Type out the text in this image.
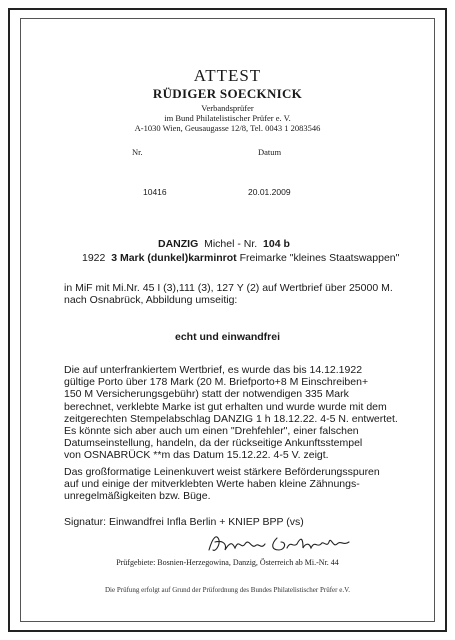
ATTEST
RÜDIGER SOECKNICK
Verbandsprüfer
im Bund Philatelistischer Prüfer e. V.
A-1030 Wien, Geusaugasse 12/8, Tel. 0043 1 2083546
Nr.	Datum
10416	20.01.2009
DANZIG Michel - Nr. 104 b
1922 3 Mark (dunkel)karminrot Freimarke "kleines Staatswappen"
in MiF mit Mi.Nr. 45 I (3),111 (3), 127 Y (2) auf Wertbrief über 25000 M.
nach Osnabrück, Abbildung umseitig:
echt und einwandfrei
Die auf unterfrankiertem Wertbrief, es wurde das bis 14.12.1922
gültige Porto über 178 Mark (20 M. Briefporto+8 M Einschreiben+
150 M Versicherungsgebühr) statt der notwendigen 335 Mark
berechnet, verklebte Marke ist gut erhalten und wurde wurde mit dem
zeitgerechten Stempelabschlag DANZIG 1 h 18.12.22. 4-5 N. entwertet.
Es könnte sich aber auch um einen "Drehfehler", einer falschen
Datumseinstellung, handeln, da der rückseitige Ankunftsstempel
von OSNABRÜCK **m das Datum 15.12.22. 4-5 V. zeigt.
Das großformatige Leinenkuvert weist stärkere Beförderungsspuren
auf und einige der mitverklebten Werte haben kleine Zähnungs-
unregelmäßigkeiten bzw. Büge.
Signatur: Einwandfrei Infla Berlin + KNIEP BPP (vs)
Prüfgebiete: Bosnien-Herzegowina, Danzig, Österreich ab Mi.-Nr. 44
Die Prüfung erfolgt auf Grund der Prüfordnung des Bundes Philatelistischer Prüfer e.V.
